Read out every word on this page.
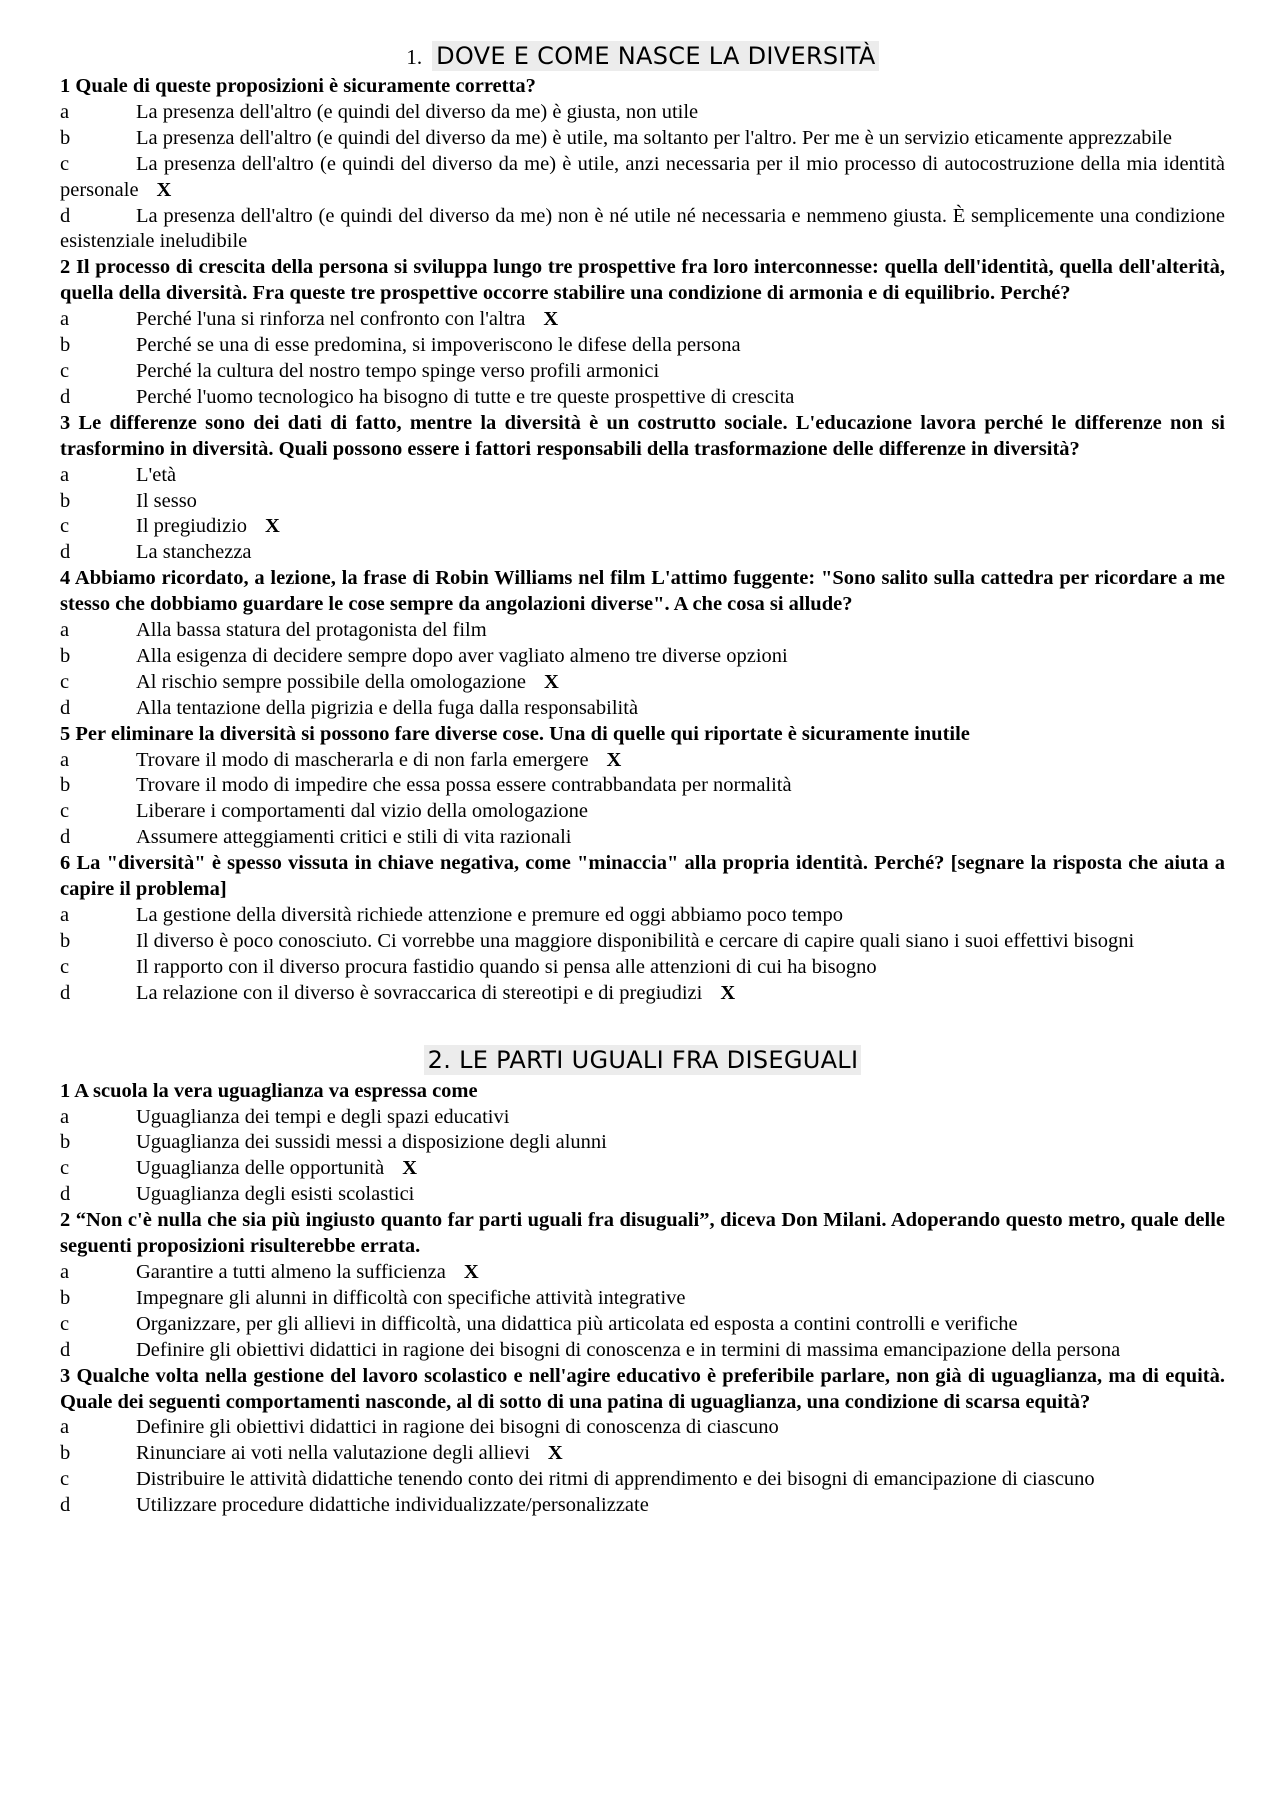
1. DOVE E COME NASCE LA DIVERSITÀ
1 Quale di queste proposizioni è sicuramente corretta?
a	La presenza dell'altro (e quindi del diverso da me) è giusta, non utile
b	La presenza dell'altro (e quindi del diverso da me) è utile, ma soltanto per l'altro. Per me è un servizio eticamente apprezzabile
c	La presenza dell'altro (e quindi del diverso da me) è utile, anzi necessaria per il mio processo di autocostruzione della mia identità personale X
d	La presenza dell'altro (e quindi del diverso da me) non è né utile né necessaria e nemmeno giusta. È semplicemente una condizione esistenziale ineludibile
2 Il processo di crescita della persona si sviluppa lungo tre prospettive fra loro interconnesse: quella dell'identità, quella dell'alterità, quella della diversità. Fra queste tre prospettive occorre stabilire una condizione di armonia e di equilibrio. Perché?
a	Perché l'una si rinforza nel confronto con l'altra X
b	Perché se una di esse predomina, si impoveriscono le difese della persona
c	Perché la cultura del nostro tempo spinge verso profili armonici
d	Perché l'uomo tecnologico ha bisogno di tutte e tre queste prospettive di crescita
3 Le differenze sono dei dati di fatto, mentre la diversità è un costrutto sociale. L'educazione lavora perché le differenze non si trasformino in diversità. Quali possono essere i fattori responsabili della trasformazione delle differenze in diversità?
a	L'età
b	Il sesso
c	Il pregiudizio X
d	La stanchezza
4 Abbiamo ricordato, a lezione, la frase di Robin Williams nel film L'attimo fuggente: "Sono salito sulla cattedra per ricordare a me stesso che dobbiamo guardare le cose sempre da angolazioni diverse". A che cosa si allude?
a	Alla bassa statura del protagonista del film
b	Alla esigenza di decidere sempre dopo aver vagliato almeno tre diverse opzioni
c	Al rischio sempre possibile della omologazione X
d	Alla tentazione della pigrizia e della fuga dalla responsabilità
5 Per eliminare la diversità si possono fare diverse cose. Una di quelle qui riportate è sicuramente inutile
a	Trovare il modo di mascherarla e di non farla emergere X
b	Trovare il modo di impedire che essa possa essere contrabbandata per normalità
c	Liberare i comportamenti dal vizio della omologazione
d	Assumere atteggiamenti critici e stili di vita razionali
6 La "diversità" è spesso vissuta in chiave negativa, come "minaccia" alla propria identità. Perché? [segnare la risposta che aiuta a capire il problema]
a	La gestione della diversità richiede attenzione e premure ed oggi abbiamo poco tempo
b	Il diverso è poco conosciuto. Ci vorrebbe una maggiore disponibilità e cercare di capire quali siano i suoi effettivi bisogni
c	Il rapporto con il diverso procura fastidio quando si pensa alle attenzioni di cui ha bisogno
d	La relazione con il diverso è sovraccarica di stereotipi e di pregiudizi X
2. LE PARTI UGUALI FRA DISEGUALI
1 A scuola la vera uguaglianza va espressa come
a	Uguaglianza dei tempi e degli spazi educativi
b	Uguaglianza dei sussidi messi a disposizione degli alunni
c	Uguaglianza delle opportunità X
d	Uguaglianza degli esisti scolastici
2 “Non c'è nulla che sia più ingiusto quanto far parti uguali fra disuguali”, diceva Don Milani. Adoperando questo metro, quale delle seguenti proposizioni risulterebbe errata.
a	Garantire a tutti almeno la sufficienza X
b	Impegnare gli alunni in difficoltà con specifiche attività integrative
c	Organizzare, per gli allievi in difficoltà, una didattica più articolata ed esposta a contini controlli e verifiche
d	Definire gli obiettivi didattici in ragione dei bisogni di conoscenza e in termini di massima emancipazione della persona
3 Qualche volta nella gestione del lavoro scolastico e nell'agire educativo è preferibile parlare, non già di uguaglianza, ma di equità. Quale dei seguenti comportamenti nasconde, al di sotto di una patina di uguaglianza, una condizione di scarsa equità?
a	Definire gli obiettivi didattici in ragione dei bisogni di conoscenza di ciascuno
b	Rinunciare ai voti nella valutazione degli allievi X
c	Distribuire le attività didattiche tenendo conto dei ritmi di apprendimento e dei bisogni di emancipazione di ciascuno
d	Utilizzare procedure didattiche individualizzate/personalizzate
